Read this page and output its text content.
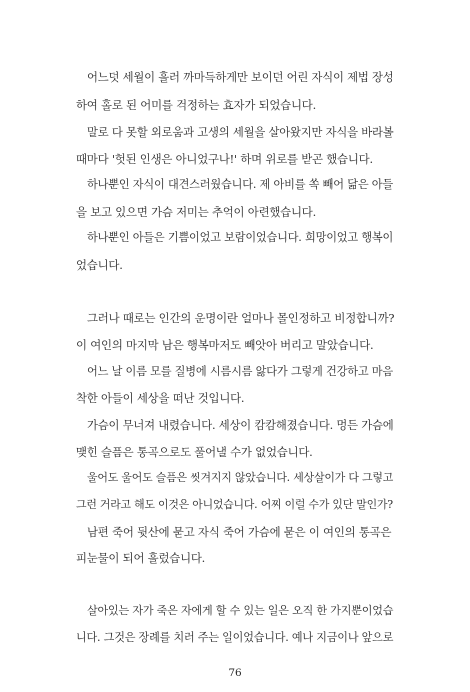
어느덧 세월이 흘러 까마득하게만 보이던 어린 자식이 제법 장성
하여 홀로 된 어미를 걱정하는 효자가 되었습니다.
말로 다 못할 외로움과 고생의 세월을 살아왔지만 자식을 바라볼
때마다 '헛된 인생은 아니었구나!' 하며 위로를 받곤 했습니다.
하나뿐인 자식이 대견스러웠습니다. 제 아비를 쏙 빼어 닮은 아들
을 보고 있으면 가슴 저미는 추억이 아련했습니다.
하나뿐인 아들은 기쁨이었고 보람이었습니다. 희망이었고 행복이
었습니다.
그러나 때로는 인간의 운명이란 얼마나 몰인정하고 비정합니까?
이 여인의 마지막 남은 행복마저도 빼앗아 버리고 말았습니다.
어느 날 이름 모를 질병에 시름시름 앓다가 그렇게 건강하고 마음
착한 아들이 세상을 떠난 것입니다.
가슴이 무너져 내렸습니다. 세상이 캄캄해졌습니다. 멍든 가슴에
맺힌 슬픔은 통곡으로도 풀어낼 수가 없었습니다.
울어도 울어도 슬픔은 씻겨지지 않았습니다. 세상살이가 다 그렇고
그런 거라고 해도 이것은 아니었습니다. 어찌 이럴 수가 있단 말인가?
남편 죽어 뒷산에 묻고 자식 죽어 가슴에 묻은 이 여인의 통곡은
피눈물이 되어 흘렀습니다.
살아있는 자가 죽은 자에게 할 수 있는 일은 오직 한 가지뿐이었습
니다. 그것은 장례를 치러 주는 일이었습니다. 예나 지금이나 앞으로
76
